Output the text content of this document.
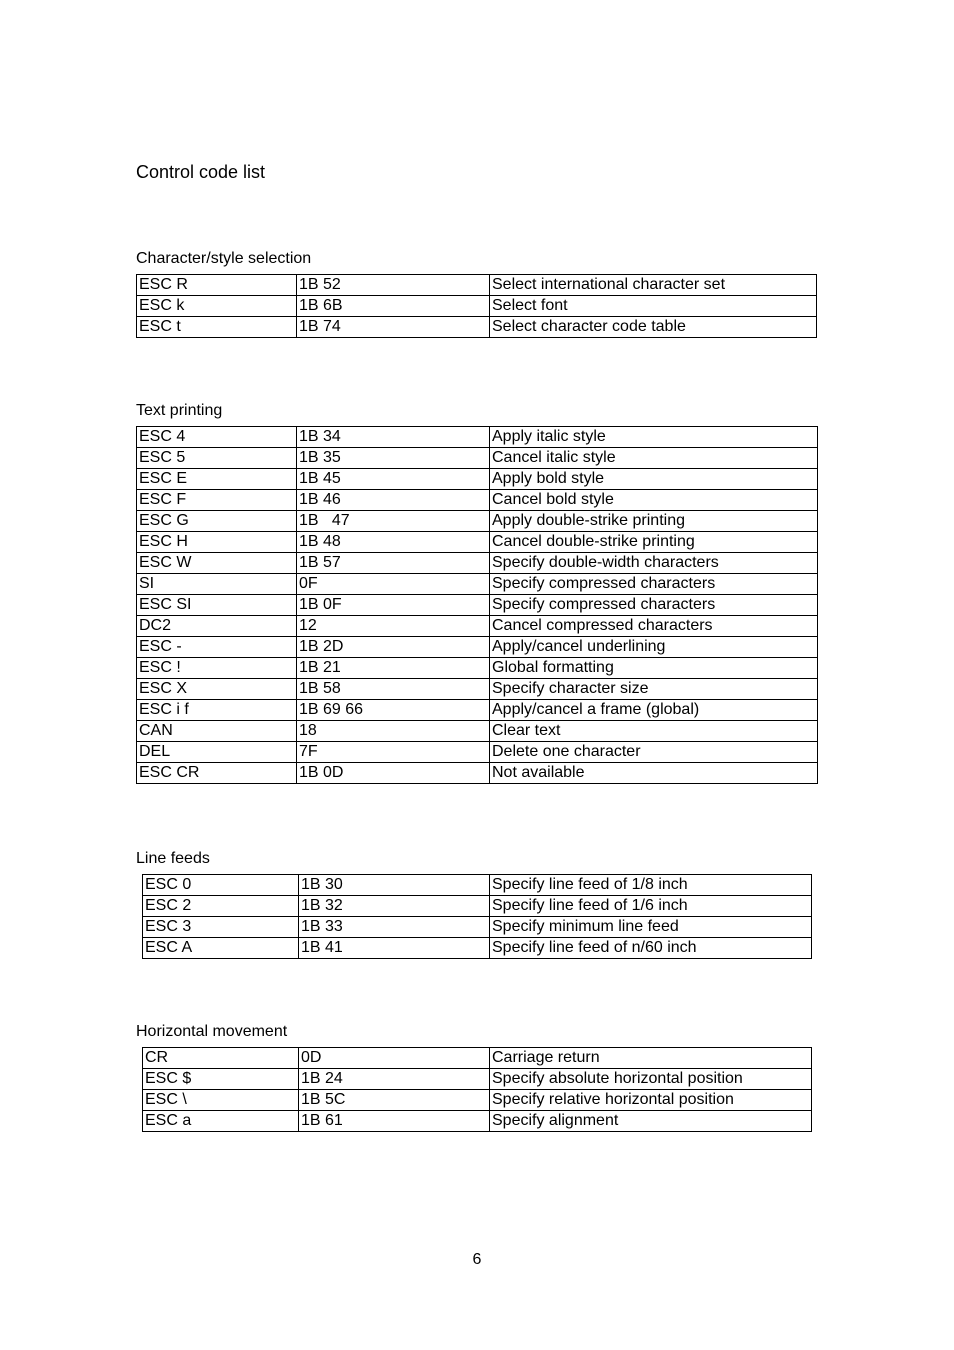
Control code list
Character/style selection
ESC R	1B 52	Select international character set
ESC k	1B 6B	Select font
ESC t	1B 74	Select character code table
Text printing
ESC 4	1B 34	Apply italic style
ESC 5	1B 35	Cancel italic style
ESC E	1B 45	Apply bold style
ESC F	1B 46	Cancel bold style
ESC G	1B   47	Apply double-strike printing
ESC H	1B 48	Cancel double-strike printing
ESC W	1B 57	Specify double-width characters
SI	0F	Specify compressed characters
ESC SI	1B 0F	Specify compressed characters
DC2	12	Cancel compressed characters
ESC -	1B 2D	Apply/cancel underlining
ESC !	1B 21	Global formatting
ESC X	1B 58	Specify character size
ESC i f	1B 69 66	Apply/cancel a frame (global)
CAN	18	Clear text
DEL	7F	Delete one character
ESC CR	1B 0D	Not available
Line feeds
ESC 0	1B 30	Specify line feed of 1/8 inch
ESC 2	1B 32	Specify line feed of 1/6 inch
ESC 3	1B 33	Specify minimum line feed
ESC A	1B 41	Specify line feed of n/60 inch
Horizontal movement
CR	0D	Carriage return
ESC $	1B 24	Specify absolute horizontal position
ESC \	1B 5C	Specify relative horizontal position
ESC a	1B 61	Specify alignment
6
